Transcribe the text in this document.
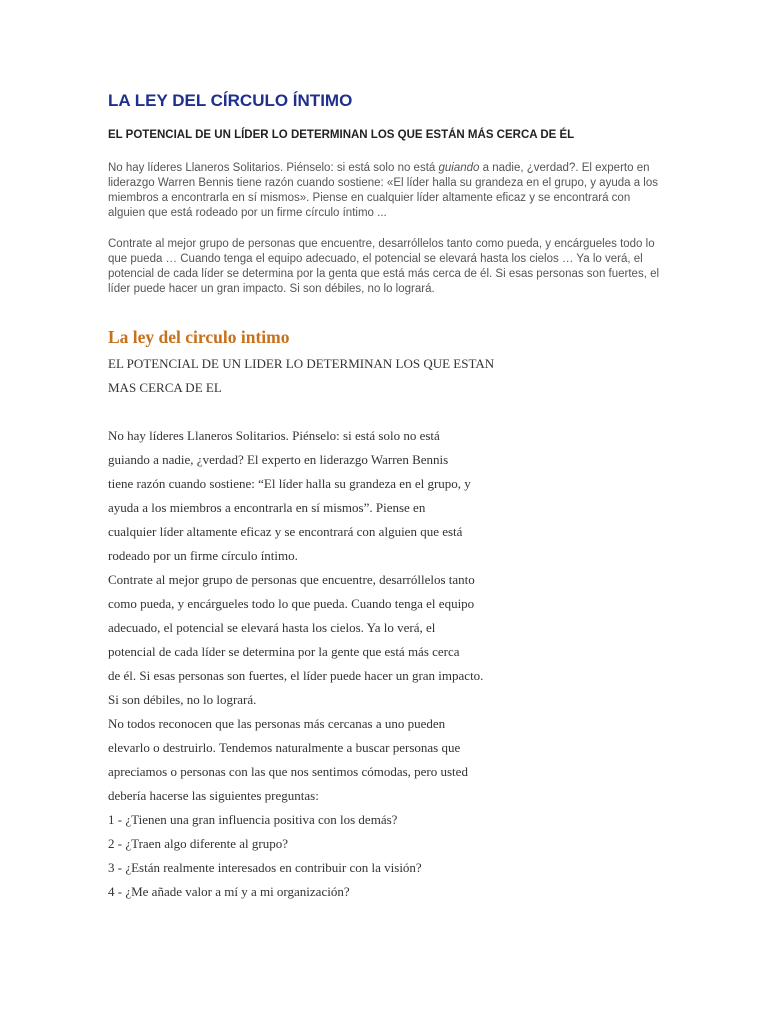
LA LEY DEL CÍRCULO ÍNTIMO
EL POTENCIAL DE UN LÍDER LO DETERMINAN LOS QUE ESTÁN MÁS CERCA DE ÉL

No hay líderes Llaneros Solitarios. Piénselo: si está solo no está guiando a nadie, ¿verdad?. El experto en liderazgo Warren Bennis tiene razón cuando sostiene: «El líder halla su grandeza en el grupo, y ayuda a los miembros a encontrarla en sí mismos». Piense en cualquier líder altamente eficaz y se encontrará con alguien que está rodeado por un firme círculo íntimo ...

Contrate al mejor grupo de personas que encuentre, desarróllelos tanto como pueda, y encárgueles todo lo que pueda … Cuando tenga el equipo adecuado, el potencial se elevará hasta los cielos … Ya lo verá, el potencial de cada líder se determina por la genta que está más cerca de él. Si esas personas son fuertes, el líder puede hacer un gran impacto. Si son débiles, no lo logrará.

La ley del circulo intimo
EL POTENCIAL DE UN LIDER LO DETERMINAN LOS QUE ESTAN
MAS CERCA DE EL
No hay líderes Llaneros Solitarios. Piénselo: si está solo no está
guiando a nadie, ¿verdad? El experto en liderazgo Warren Bennis
tiene razón cuando sostiene: “El líder halla su grandeza en el grupo, y
ayuda a los miembros a encontrarla en sí mismos”. Piense en
cualquier líder altamente eficaz y se encontrará con alguien que está
rodeado por un firme círculo íntimo.
Contrate al mejor grupo de personas que encuentre, desarróllelos tanto
como pueda, y encárgueles todo lo que pueda. Cuando tenga el equipo
adecuado, el potencial se elevará hasta los cielos. Ya lo verá, el
potencial de cada líder se determina por la gente que está más cerca
de él. Si esas personas son fuertes, el líder puede hacer un gran impacto.
Si son débiles, no lo logrará.
No todos reconocen que las personas más cercanas a uno pueden
elevarlo o destruirlo. Tendemos naturalmente a buscar personas que
apreciamos o personas con las que nos sentimos cómodas, pero usted
debería hacerse las siguientes preguntas:
1 - ¿Tienen una gran influencia positiva con los demás?
2 - ¿Traen algo diferente al grupo?
3 - ¿Están realmente interesados en contribuir con la visión?
4 - ¿Me añade valor a mí y a mi organización?
